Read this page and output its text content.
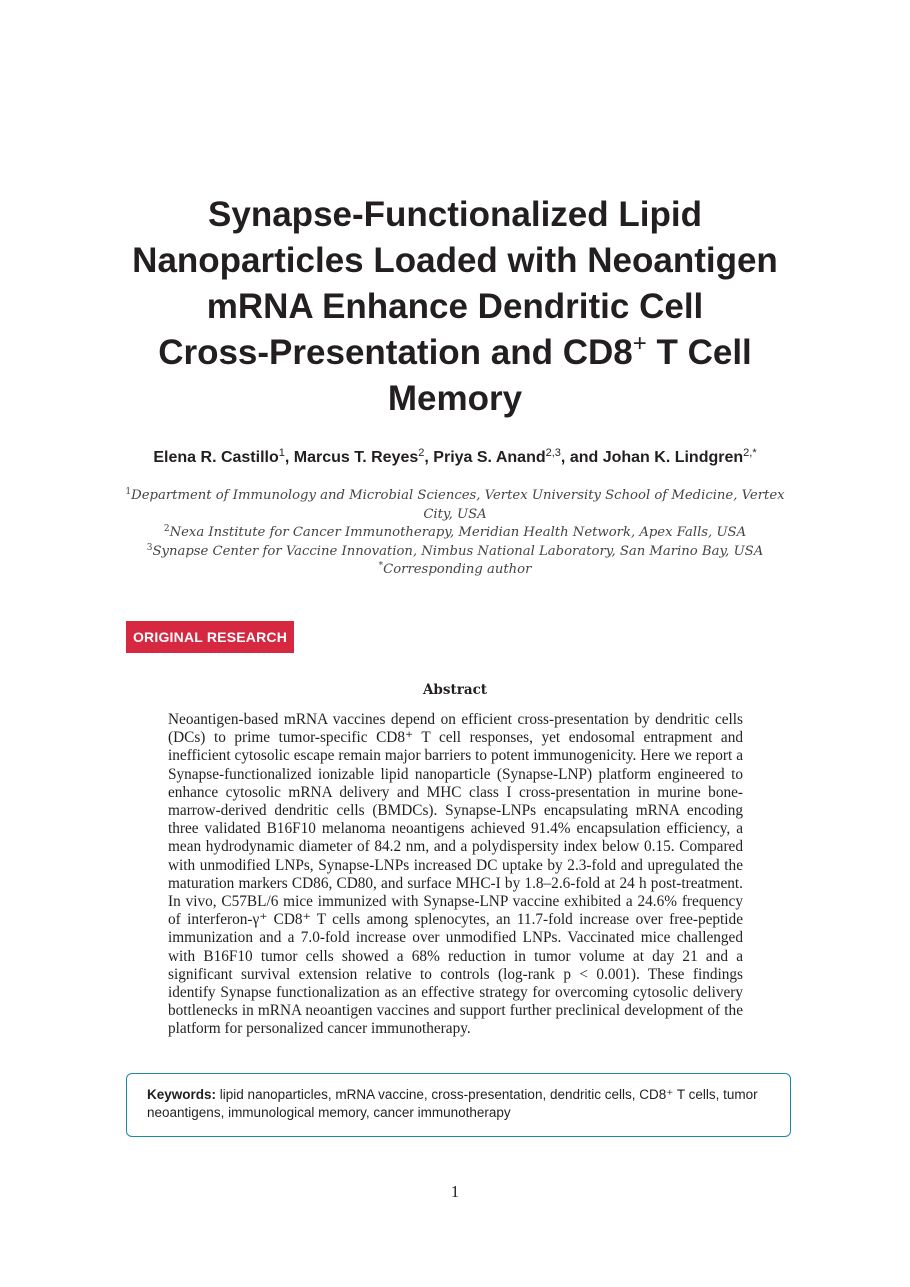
Synapse-Functionalized Lipid
Nanoparticles Loaded with Neoantigen
mRNA Enhance Dendritic Cell
Cross-Presentation and CD8+ T Cell
Memory
Elena R. Castillo$^1$, Marcus T. Reyes$^2$, Priya S. Anand$^{2,3}$, and Johan K. Lindgren$^{2,*}$
$^1$Department of Immunology and Microbial Sciences, Vertex University School of Medicine, Vertex City, USA
$^2$Nexa Institute for Cancer Immunotherapy, Meridian Health Network, Apex Falls, USA
$^3$Synapse Center for Vaccine Innovation, Nimbus National Laboratory, San Marino Bay, USA
*Corresponding author
ORIGINAL RESEARCH
Abstract
Neoantigen-based mRNA vaccines depend on efficient cross-presentation by dendritic cells (DCs) to prime tumor-specific CD8⁺ T cell responses, yet endosomal entrapment and inefficient cytosolic escape remain major barriers to potent immunogenicity. Here we report a Synapse-functionalized ionizable lipid nanoparticle (Synapse-LNP) platform engineered to enhance cytosolic mRNA delivery and MHC class I cross-presentation in murine bone-marrow-derived dendritic cells (BMDCs). Synapse-LNPs encapsulating mRNA encoding three validated B16F10 melanoma neoantigens achieved 91.4% encapsulation efficiency, a mean hydrodynamic diameter of 84.2 nm, and a polydispersity index below 0.15. Compared with unmodified LNPs, Synapse-LNPs increased DC uptake by 2.3-fold and upregulated the maturation markers CD86, CD80, and surface MHC-I by 1.8–2.6-fold at 24 h post-treatment. In vivo, C57BL/6 mice immunized with Synapse-LNP vaccine exhibited a 24.6% frequency of interferon-γ⁺ CD8⁺ T cells among splenocytes, an 11.7-fold increase over free-peptide immunization and a 7.0-fold increase over unmodified LNPs. Vaccinated mice challenged with B16F10 tumor cells showed a 68% reduction in tumor volume at day 21 and a significant survival extension relative to controls (log-rank p < 0.001). These findings identify Synapse functionalization as an effective strategy for overcoming cytosolic delivery bottlenecks in mRNA neoantigen vaccines and support further preclinical development of the platform for personalized cancer immunotherapy.
Keywords: lipid nanoparticles, mRNA vaccine, cross-presentation, dendritic cells, CD8⁺ T cells, tumor neoantigens, immunological memory, cancer immunotherapy
1
